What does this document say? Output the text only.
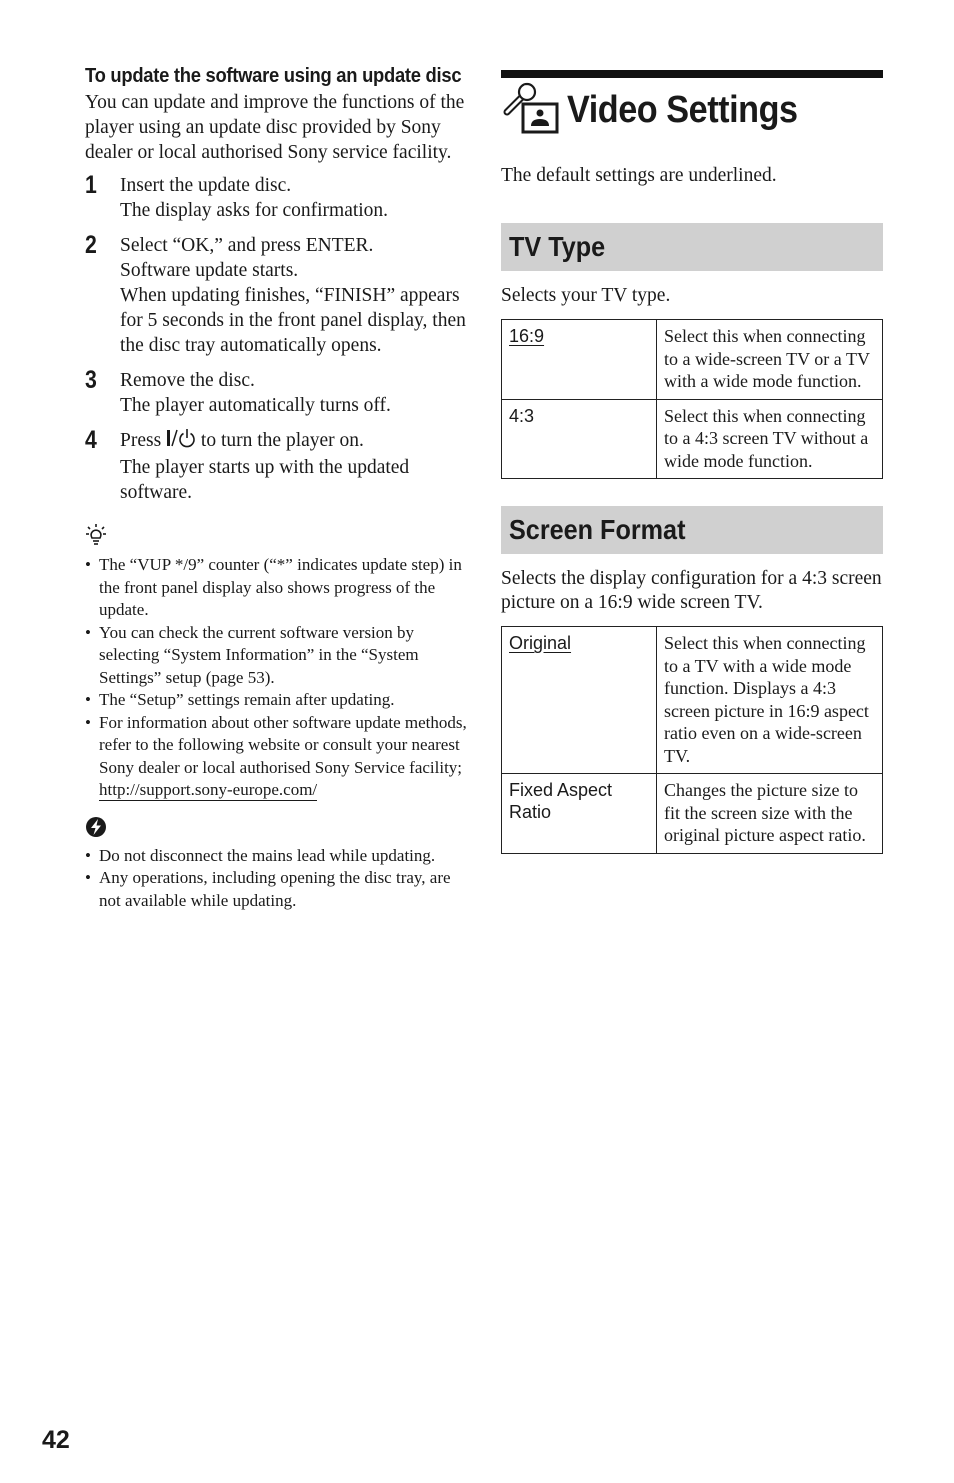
To update the software using an update disc

You can update and improve the functions of the player using an update disc provided by Sony dealer or local authorised Sony service facility.

1 Insert the update disc.
The display asks for confirmation.
2 Select “OK,” and press ENTER.
Software update starts.
When updating finishes, “FINISH” appears for 5 seconds in the front panel display, then the disc tray automatically opens.
3 Remove the disc.
The player automatically turns off.
4 Press  to turn the player on.
The player starts up with the updated software.
• The “VUP */9” counter (“*” indicates update step) in the front panel display also shows progress of the update.
• You can check the current software version by selecting “System Information” in the “System Settings” setup (page 53).
• The “Setup” settings remain after updating.
• For information about other software update methods, refer to the following website or consult your nearest Sony dealer or local authorised Sony Service facility;
http://support.sony-europe.com/
• Do not disconnect the mains lead while updating.
• Any operations, including opening the disc tray, are not available while updating.
Video Settings

The default settings are underlined.

TV Type

Selects your TV type.

16:9	Select this when connecting to a wide-screen TV or a TV with a wide mode function.
4:3	Select this when connecting to a 4:3 screen TV without a wide mode function.
Screen Format

Selects the display configuration for a 4:3 screen picture on a 16:9 wide screen TV.

Original	Select this when connecting to a TV with a wide mode function. Displays a 4:3 screen picture in 16:9 aspect ratio even on a wide-screen TV.
Fixed Aspect Ratio	Changes the picture size to fit the screen size with the original picture aspect ratio.
42
